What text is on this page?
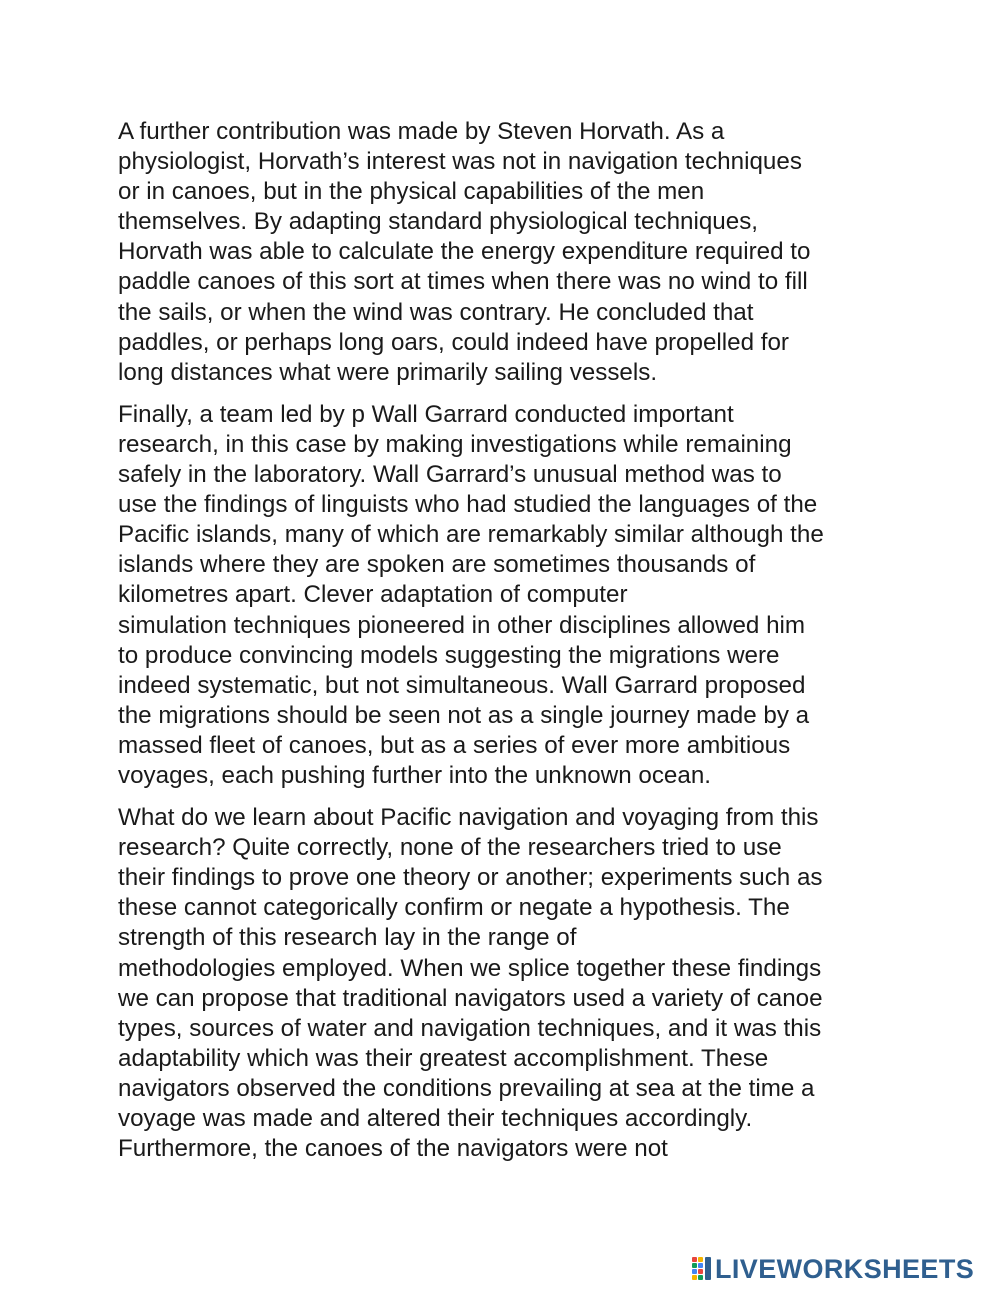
A further contribution was made by Steven Horvath. As a
physiologist, Horvath’s interest was not in navigation techniques
or in canoes, but in the physical capabilities of the men
themselves. By adapting standard physiological techniques,
Horvath was able to calculate the energy expenditure required to
paddle canoes of this sort at times when there was no wind to fill
the sails, or when the wind was contrary. He concluded that
paddles, or perhaps long oars, could indeed have propelled for
long distances what were primarily sailing vessels.

Finally, a team led by p Wall Garrard conducted important
research, in this case by making investigations while remaining
safely in the laboratory. Wall Garrard’s unusual method was to
use the findings of linguists who had studied the languages of the
Pacific islands, many of which are remarkably similar although the
islands where they are spoken are sometimes thousands of
kilometres apart. Clever adaptation of computer
simulation techniques pioneered in other disciplines allowed him
to produce convincing models suggesting the migrations were
indeed systematic, but not simultaneous. Wall Garrard proposed
the migrations should be seen not as a single journey made by a
massed fleet of canoes, but as a series of ever more ambitious
voyages, each pushing further into the unknown ocean.

What do we learn about Pacific navigation and voyaging from this
research? Quite correctly, none of the researchers tried to use
their findings to prove one theory or another; experiments such as
these cannot categorically confirm or negate a hypothesis. The
strength of this research lay in the range of
methodologies employed. When we splice together these findings
we can propose that traditional navigators used a variety of canoe
types, sources of water and navigation techniques, and it was this
adaptability which was their greatest accomplishment. These
navigators observed the conditions prevailing at sea at the time a
voyage was made and altered their techniques accordingly.
Furthermore, the canoes of the navigators were not

LIVEWORKSHEETS
